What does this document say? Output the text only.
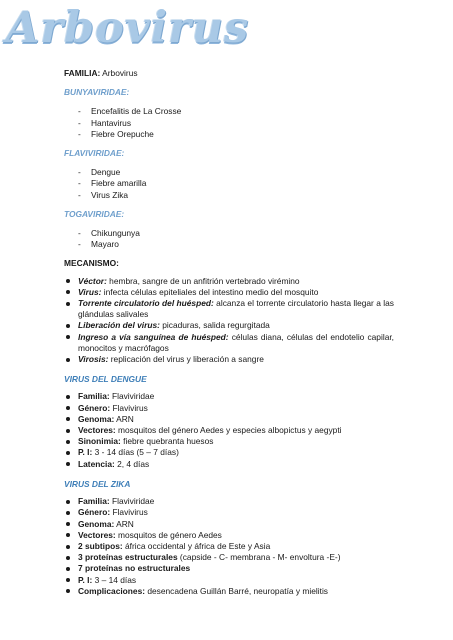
Arbovirus

FAMILIA: Arbovirus

BUNYAVIRIDAE:

- Encefalitis de La Crosse
- Hantavirus
- Fiebre Orepuche

FLAVIVIRIDAE:

- Dengue
- Fiebre amarilla
- Virus Zika

TOGAVIRIDAE:

- Chikungunya
- Mayaro

MECANISMO:

Véctor: hembra, sangre de un anfitrión vertebrado virémino
Virus: infecta células epiteliales del intestino medio del mosquito
Torrente circulatorio del huésped: alcanza el torrente circulatorio hasta llegar a las glándulas salivales
Liberación del virus: picaduras, salida regurgitada
Ingreso a vía sanguínea de huésped: células diana, células del endotelio capilar, monocitos y macrófagos
Virosis: replicación del virus y liberación a sangre

VIRUS DEL DENGUE

Familia: Flaviviridae
Género: Flavivirus
Genoma: ARN
Vectores: mosquitos del género Aedes y especies albopictus y aegypti
Sinonimia: fiebre quebranta huesos
P. I: 3 - 14 días (5 – 7 días)
Latencia: 2, 4 días

VIRUS DEL ZIKA

Familia: Flaviviridae
Género: Flavivirus
Genoma: ARN
Vectores: mosquitos de género Aedes
2 subtipos: áfrica occidental y áfrica de Este y Asia
3 proteínas estructurales (capside - C- membrana - M- envoltura -E-)
7 proteínas no estructurales
P. I: 3 – 14 días
Complicaciones: desencadena Guillán Barré, neuropatía y mielitis
